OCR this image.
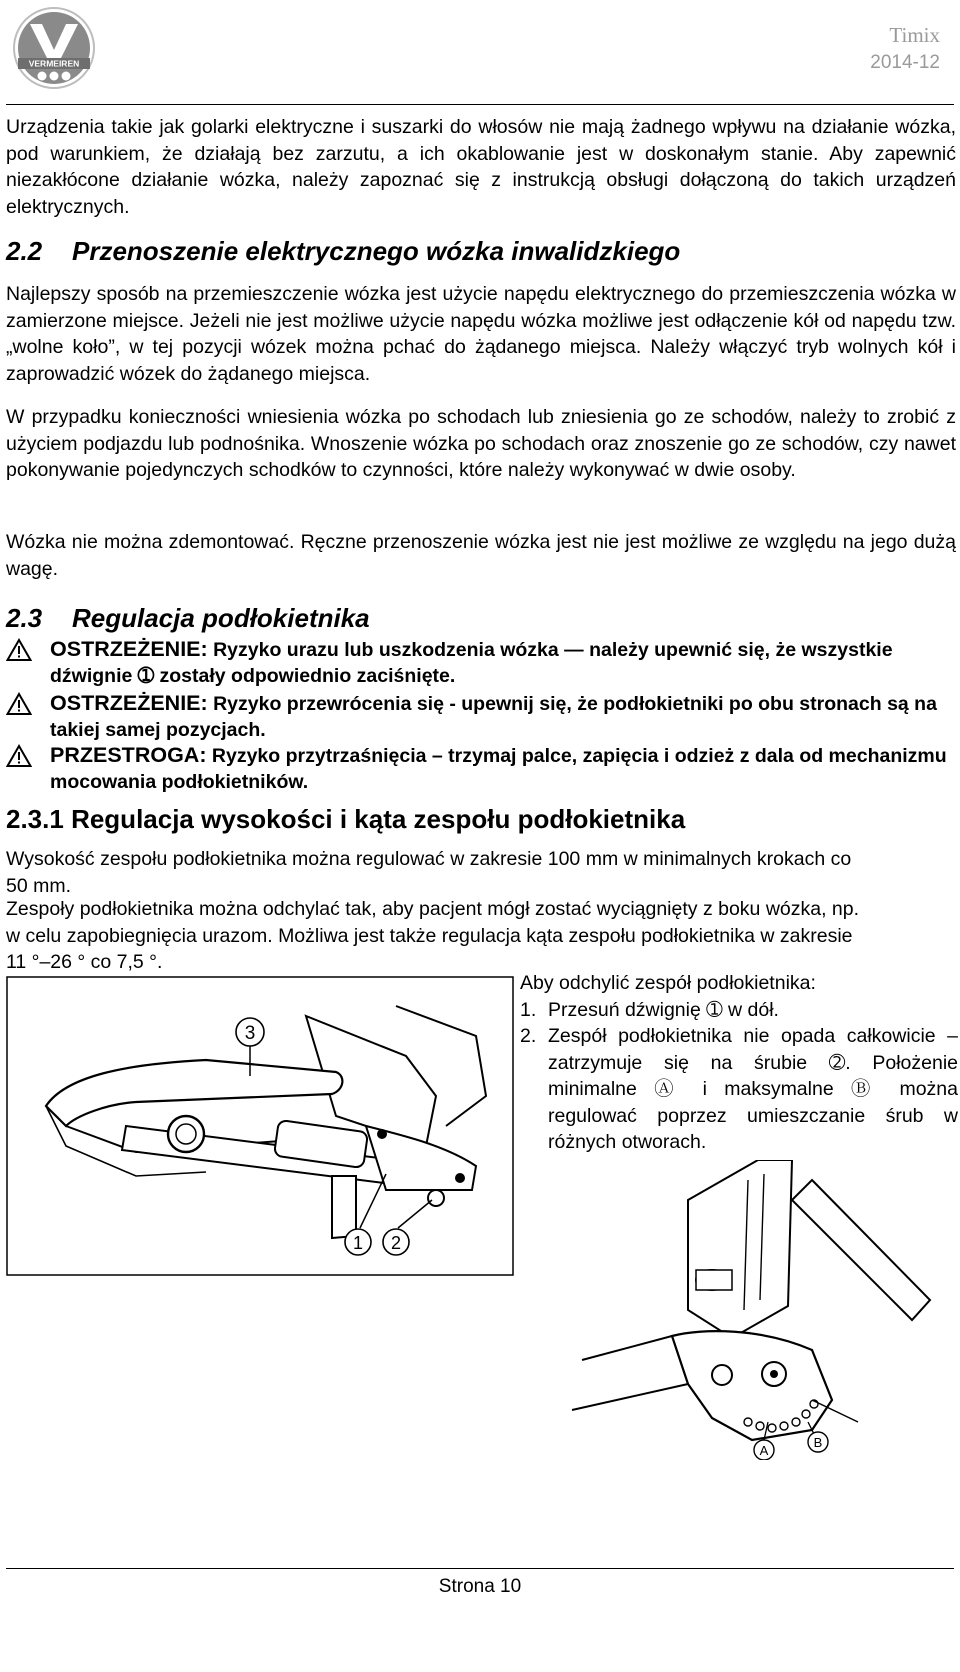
VERMEIREN
Timix
2014-12

Urządzenia takie jak golarki elektryczne i suszarki do włosów nie mają żadnego wpływu na działanie wózka, pod warunkiem, że działają bez zarzutu, a ich okablowanie jest w doskonałym stanie. Aby zapewnić niezakłócone działanie wózka, należy zapoznać się z instrukcją obsługi dołączoną do takich urządzeń elektrycznych.

2.2 Przenoszenie elektrycznego wózka inwalidzkiego

Najlepszy sposób na przemieszczenie wózka jest użycie napędu elektrycznego do przemieszczenia wózka w zamierzone miejsce. Jeżeli nie jest możliwe użycie napędu wózka możliwe jest odłączenie kół od napędu tzw. „wolne koło”, w tej pozycji wózek można pchać do żądanego miejsca. Należy włączyć tryb wolnych kół i zaprowadzić wózek do żądanego miejsca.

W przypadku konieczności wniesienia wózka po schodach lub zniesienia go ze schodów, należy to zrobić z użyciem podjazdu lub podnośnika. Wnoszenie wózka po schodach oraz znoszenie go ze schodów, czy nawet pokonywanie pojedynczych schodków to czynności, które należy wykonywać w dwie osoby.

Wózka nie można zdemontować. Ręczne przenoszenie wózka jest nie jest możliwe ze względu na jego dużą wagę.

2.3 Regulacja podłokietnika
OSTRZEŻENIE: Ryzyko urazu lub uszkodzenia wózka — należy upewnić się, że wszystkie dźwignie ➀ zostały odpowiednio zaciśnięte.
OSTRZEŻENIE: Ryzyko przewrócenia się - upewnij się, że podłokietniki po obu stronach są na takiej samej pozycjach.
PRZESTROGA: Ryzyko przytrzaśnięcia – trzymaj palce, zapięcia i odzież z dala od mechanizmu mocowania podłokietników.
2.3.1 Regulacja wysokości i kąta zespołu podłokietnika

Wysokość zespołu podłokietnika można regulować w zakresie 100 mm w minimalnych krokach co 50 mm.

Zespoły podłokietnika można odchylać tak, aby pacjent mógł zostać wyciągnięty z boku wózka, np. w celu zapobiegnięcia urazom. Możliwa jest także regulacja kąta zespołu podłokietnika w zakresie 11 °–26 ° co 7,5 °.

3
1 2
Aby odchylić zespół podłokietnika:
1. Przesuń dźwignię ➀ w dół.
2. Zespół podłokietnika nie opada całkowicie – zatrzymuje się na śrubie ➁. Położenie minimalne Ⓐ i maksymalne Ⓑ można regulować poprzez umieszczanie śrub w różnych otworach.
A
B
Strona 10
